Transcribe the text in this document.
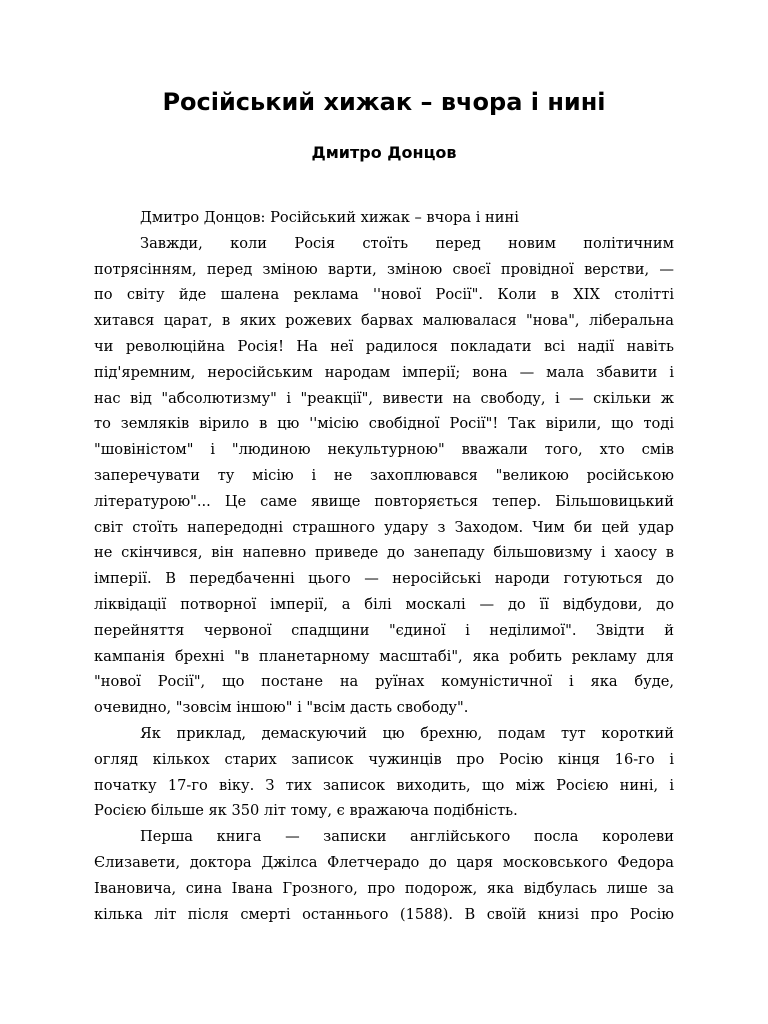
Російський хижак – вчора і нині
Дмитро Донцов
Дмитро Донцов: Російський хижак – вчора і нині
Завжди, коли Росія стоїть перед новим політичним
потрясінням, перед зміною варти, зміною своєї провідної верстви, —
по світу йде шалена реклама ''нової Росії". Коли в XIX столітті
хитався царат, в яких рожевих барвах малювалася "нова", ліберальна
чи революційна Росія! На неї радилося покладати всі надії навіть
під'яремним, неросійським народам імперії; вона — мала збавити і
нас від "абсолютизму" і "реакції", вивести на свободу, і — скільки ж
то земляків вірило в цю ''місію свобідної Росії"! Так вірили, що тоді
"шовіністом" і "людиною некультурною" вважали того, хто смів
заперечувати ту місію і не захоплювався "великою російською
літературою"... Це саме явище повторяється тепер. Більшовицький
світ стоїть напередодні страшного удару з Заходом. Чим би цей удар
не скінчився, він напевно приведе до занепаду більшовизму і хаосу в
імперії. В передбаченні цього — неросійські народи готуються до
ліквідації потворної імперії, а білі москалі — до її відбудови, до
перейняття червоної спадщини "єдиної і неділимої". Звідти й
кампанія брехні "в планетарному масштабі", яка робить рекламу для
"нової Росії", що постане на руїнах комуністичної і яка буде,
очевидно, "зовсім іншою" і "всім дасть свободу".
Як приклад, демаскуючий цю брехню, подам тут короткий
огляд кількох старих записок чужинців про Росію кінця 16-го і
початку 17-го віку. З тих записок виходить, що між Росією нині, і
Росією більше як 350 літ тому, є вражаюча подібність.
Перша книга — записки англійського посла королеви
Єлизавети, доктора Джілса Флетчерадо до царя московського Федора
Івановича, сина Івана Грозного, про подорож, яка відбулась лише за
кілька літ після смерті останнього (1588). В своїй книзі про Росію
